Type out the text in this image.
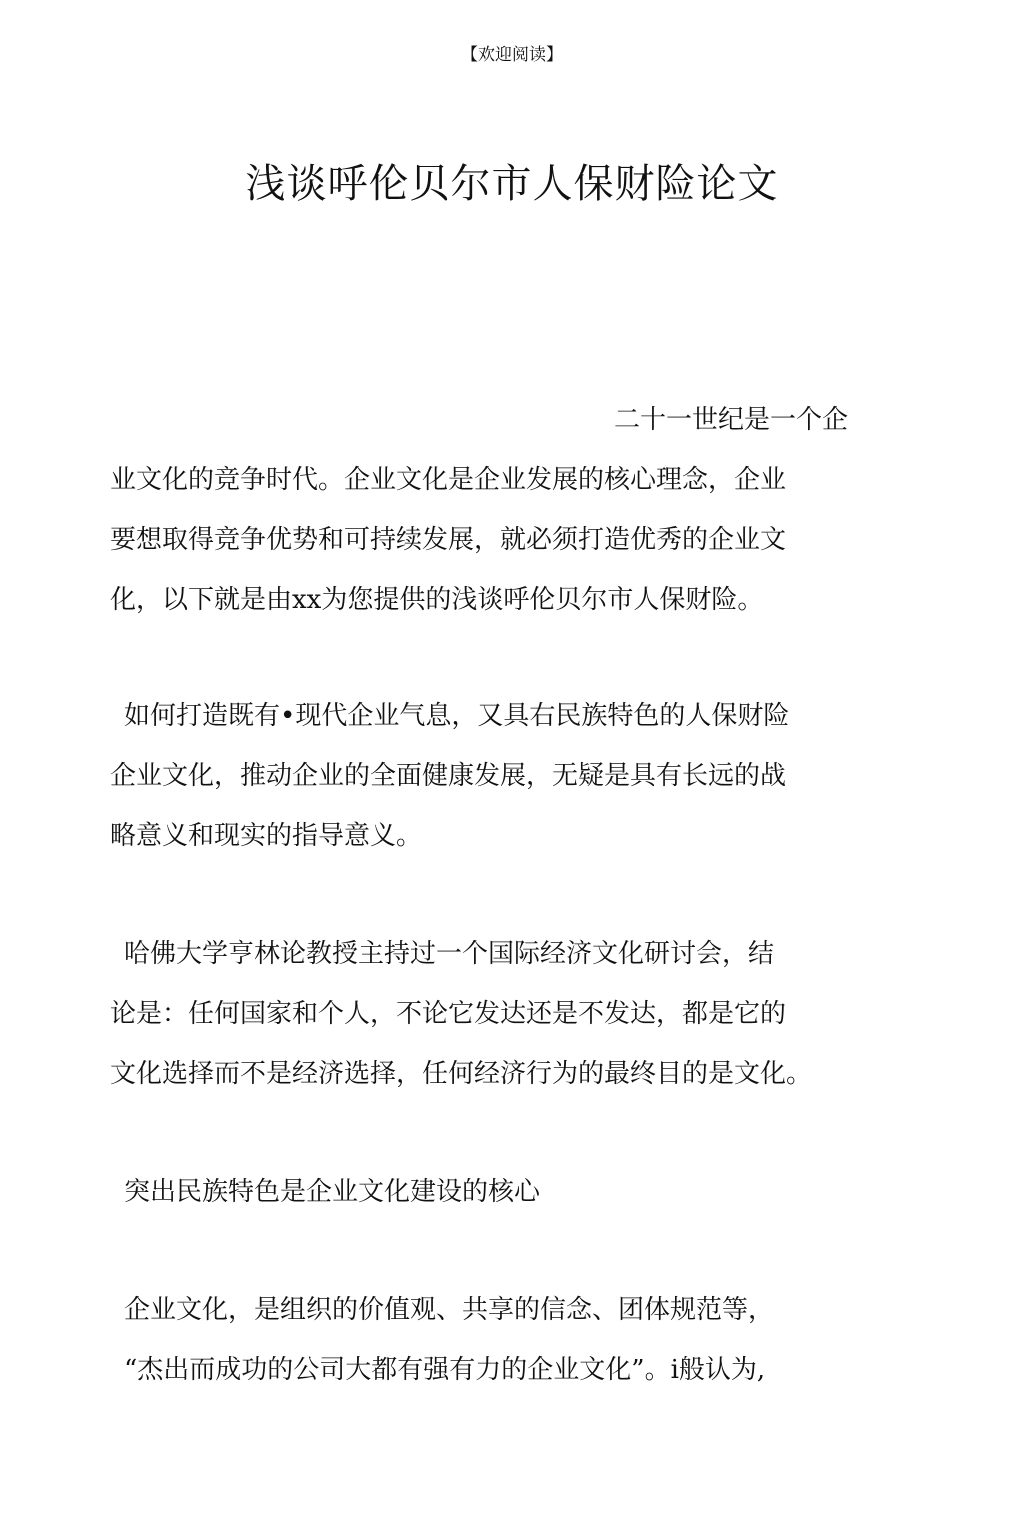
【欢迎阅读】
浅谈呼伦贝尔市人保财险论文
二十一世纪是一个企
业文化的竞争时代。企业文化是企业发展的核心理念，企业
要想取得竞争优势和可持续发展，就必须打造优秀的企业文
化，以下就是由xx为您提供的浅谈呼伦贝尔市人保财险。
如何打造既有•现代企业气息，又具右民族特色的人保财险
企业文化，推动企业的全面健康发展，无疑是具有长远的战
略意义和现实的指导意义。
哈佛大学亨林论教授主持过一个国际经济文化研讨会，结
论是：任何国家和个人，不论它发达还是不发达，都是它的
文化选择而不是经济选择，任何经济行为的最终目的是文化。
突出民族特色是企业文化建设的核心
企业文化，是组织的价值观、共享的信念、团体规范等，
“杰出而成功的公司大都有强有力的企业文化”。i般认为,
